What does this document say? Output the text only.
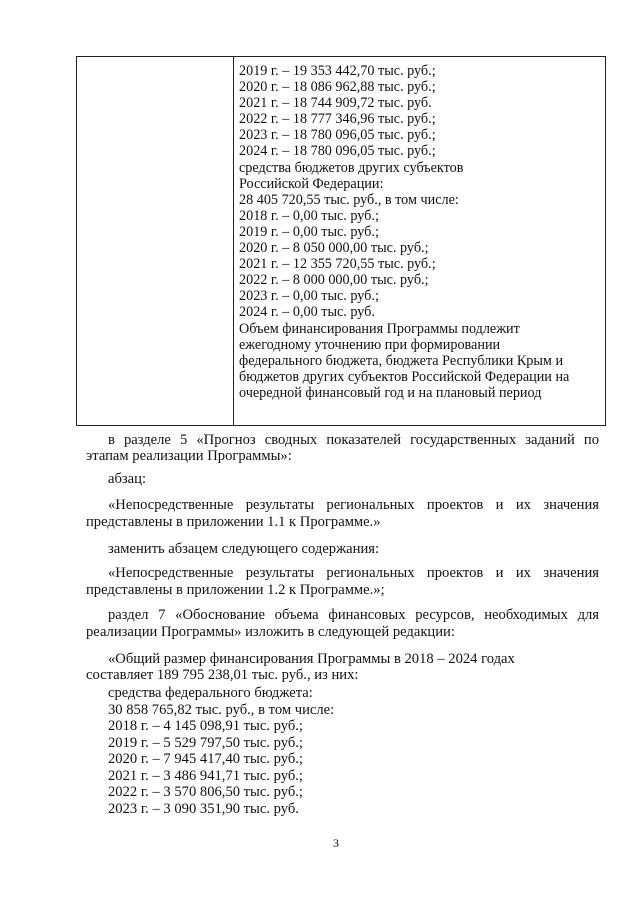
2019 г. – 19 353 442,70 тыс. руб.;
2020 г. – 18 086 962,88 тыс. руб.;
2021 г. – 18 744 909,72 тыс. руб.
2022 г. – 18 777 346,96 тыс. руб.;
2023 г. – 18 780 096,05 тыс. руб.;
2024 г. – 18 780 096,05 тыс. руб.;
средства бюджетов других субъектов
Российской Федерации:
28 405 720,55 тыс. руб., в том числе:
2018 г. – 0,00 тыс. руб.;
2019 г. – 0,00 тыс. руб.;
2020 г. – 8 050 000,00 тыс. руб.;
2021 г. – 12 355 720,55 тыс. руб.;
2022 г. – 8 000 000,00 тыс. руб.;
2023 г. – 0,00 тыс. руб.;
2024 г. – 0,00 тыс. руб.
Объем финансирования Программы подлежит
ежегодному уточнению при формировании
федерального бюджета, бюджета Республики Крым и
бюджетов других субъектов Российской Федерации на
очередной финансовый год и на плановый период
в разделе 5 «Прогноз сводных показателей государственных заданий по
этапам реализации Программы»:
абзац:
«Непосредственные результаты региональных проектов и их значения
представлены в приложении 1.1 к Программе.»
заменить абзацем следующего содержания:
«Непосредственные результаты региональных проектов и их значения
представлены в приложении 1.2 к Программе.»;
раздел 7 «Обоснование объема финансовых ресурсов, необходимых для
реализации Программы» изложить в следующей редакции:
«Общий размер финансирования Программы в 2018 – 2024 годах
составляет 189 795 238,01 тыс. руб., из них:
средства федерального бюджета:
30 858 765,82 тыс. руб., в том числе:
2018 г. – 4 145 098,91 тыс. руб.;
2019 г. – 5 529 797,50 тыс. руб.;
2020 г. – 7 945 417,40 тыс. руб.;
2021 г. – 3 486 941,71 тыс. руб.;
2022 г. – 3 570 806,50 тыс. руб.;
2023 г. – 3 090 351,90 тыс. руб.
3
